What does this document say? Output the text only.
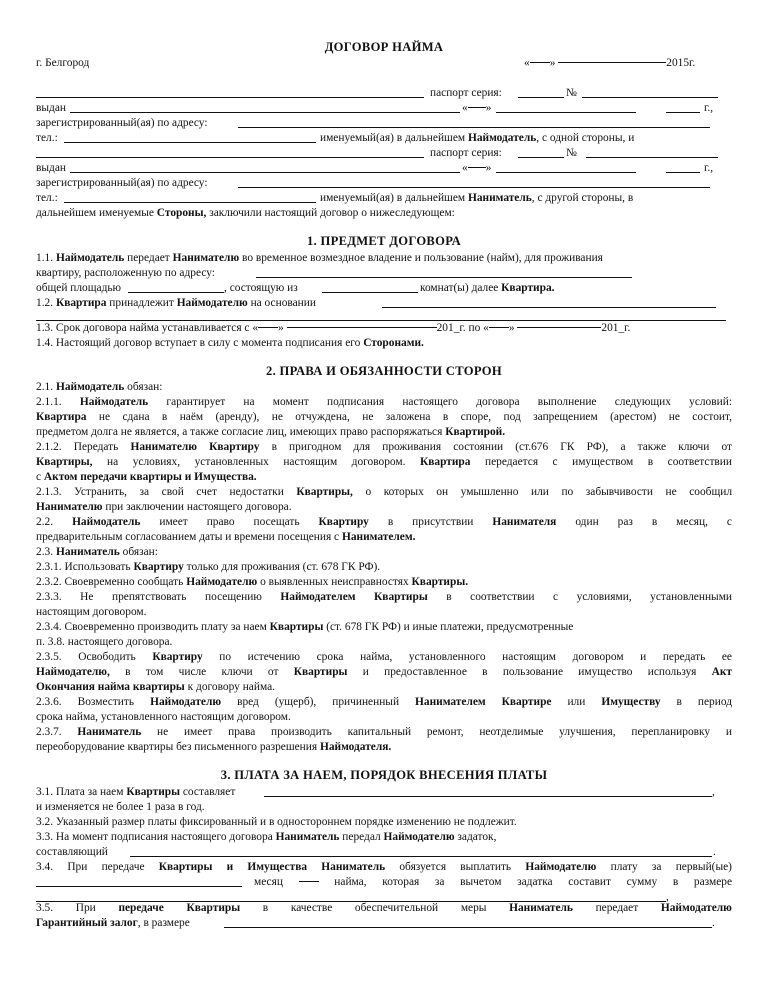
ДОГОВОР НАЙМА
г. Белгород	« »	2015г.
паспорт серия:	№
выдан	« »	г.,
зарегистрированный(ая) по адресу:
тел.:	именуемый(ая) в дальнейшем Наймодатель, с одной стороны, и
паспорт серия:	№
выдан	« »	г.,
зарегистрированный(ая) по адресу:
тел.:	именуемый(ая) в дальнейшем Наниматель, с другой стороны, в
дальнейшем именуемые Стороны, заключили настоящий договор о нижеследующем:
1. ПРЕДМЕТ ДОГОВОРА
1.1. Наймодатель передает Нанимателю во временное возмездное владение и пользование (найм), для проживания
квартиру, расположенную по адресу:
общей площадью	, состоящую из	комнат(ы) далее Квартира.
1.2. Квартира принадлежит Наймодателю на основании
1.3. Срок договора найма устанавливается с « »	201_г. по « »	201_г.
1.4. Настоящий договор вступает в силу с момента подписания его Сторонами.
2. ПРАВА И ОБЯЗАННОСТИ СТОРОН
2.1. Наймодатель обязан:
2.1.1. Наймодатель гарантирует на момент подписания настоящего договора выполнение следующих условий:
Квартира не сдана в наём (аренду), не отчуждена, не заложена в споре, под запрещением (арестом) не состоит,
предметом долга не является, а также согласие лиц, имеющих право распоряжаться Квартирой.
2.1.2. Передать Нанимателю Квартиру в пригодном для проживания состоянии (ст.676 ГК РФ), а также ключи от
Квартиры, на условиях, установленных настоящим договором. Квартира передается с имуществом в соответствии
с Актом передачи квартиры и Имущества.
2.1.3. Устранить, за свой счет недостатки Квартиры, о которых он умышленно или по забывчивости не сообщил
Нанимателю при заключении настоящего договора.
2.2. Наймодатель имеет право посещать Квартиру в присутствии Нанимателя один раз в месяц, с
предварительным согласованием даты и времени посещения с Нанимателем.
2.3. Наниматель обязан:
2.3.1. Использовать Квартиру только для проживания (ст. 678 ГК РФ).
2.3.2. Своевременно сообщать Наймодателю о выявленных неисправностях Квартиры.
2.3.3. Не препятствовать посещению Наймодателем Квартиры в соответствии с условиями, установленными
настоящим договором.
2.3.4. Своевременно производить плату за наем Квартиры (ст. 678 ГК РФ) и иные платежи, предусмотренные
п. 3.8. настоящего договора.
2.3.5. Освободить Квартиру по истечению срока найма, установленного настоящим договором и передать ее
Наймодателю, в том числе ключи от Квартиры и предоставленное в пользование имущество используя Акт
Окончания найма квартиры к договору найма.
2.3.6. Возместить Наймодателю вред (ущерб), причиненный Нанимателем Квартире или Имуществу в период
срока найма, установленного настоящим договором.
2.3.7. Наниматель не имеет права производить капитальный ремонт, неотделимые улучшения, перепланировку и
переоборудование квартиры без письменного разрешения Наймодателя.
3. ПЛАТА ЗА НАЕМ, ПОРЯДОК ВНЕСЕНИЯ ПЛАТЫ
3.1. Плата за наем Квартиры составляет	,
и изменяется не более 1 раза в год.
3.2. Указанный размер платы фиксированный и в одностороннем порядке изменению не подлежит.
3.3. На момент подписания настоящего договора Наниматель передал Наймодателю задаток,
составляющий	.
3.4. При передаче Квартиры и Имущества Наниматель обязуется выплатить Наймодателю плату за первый(ые)
месяц	найма, которая за вычетом задатка составит сумму в размере
,
3.5. При передаче Квартиры в качестве обеспечительной меры Наниматель передает Наймодателю
Гарантийный залог, в размере	.
